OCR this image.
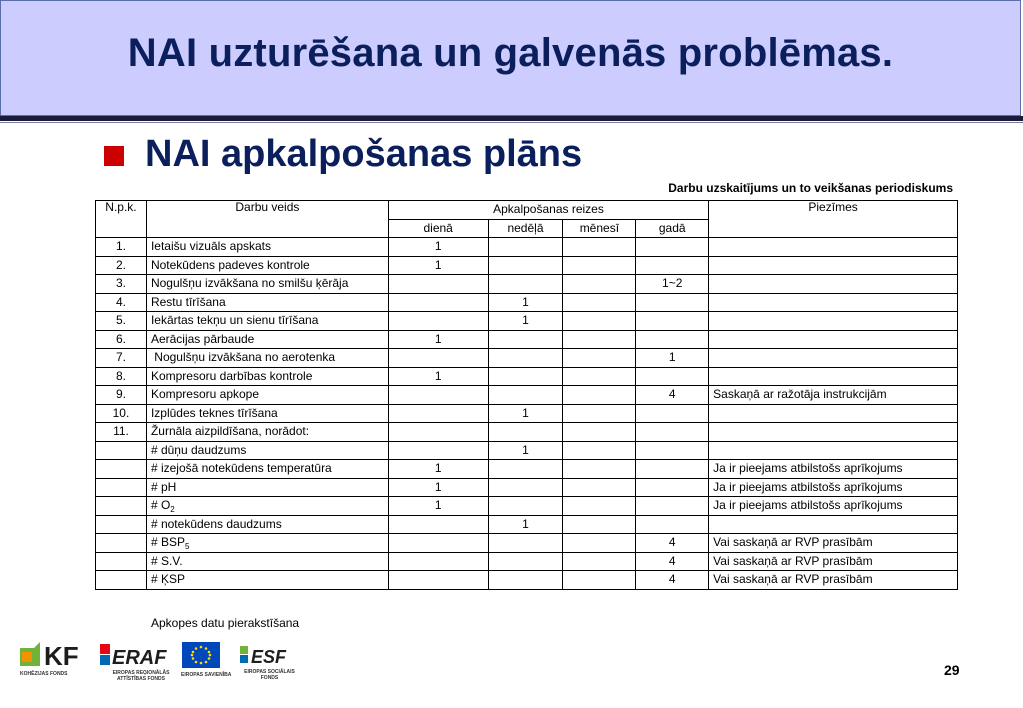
NAI uzturēšana un galvenās problēmas.
NAI apkalpošanas plāns
Darbu uzskaitījums un to veikšanas periodiskums
N.p.k.	Darbu veids	Apkalpošanas reizes				Piezīmes
		dienā	nedēļā	mēnesī	gadā	
1.	Ietaišu vizuāls apskats	1				
2.	Notekūdens padeves kontrole	1				
3.	Nogulšņu izvākšana no smilšu ķērāja				1~2	
4.	Restu tīrīšana		1			
5.	Iekārtas tekņu un sienu tīrīšana		1			
6.	Aerācijas pārbaude	1				
7.	Nogulšņu izvākšana no aerotenka				1	
8.	Kompresoru darbības kontrole	1				
9.	Kompresoru apkope				4	Saskaņā ar ražotāja instrukcijām
10.	Izplūdes teknes tīrīšana		1			
11.	Žurnāla aizpildīšana, norādot:					
	# dūņu daudzums		1			
	# izejošā notekūdens temperatūra	1				Ja ir pieejams atbilstošs aprīkojums
	# pH	1				Ja ir pieejams atbilstošs aprīkojums
	# $O_2$	1				Ja ir pieejams atbilstošs aprīkojums
	# notekūdens daudzums		1			
	# $BSP_5$				4	Vai saskaņā ar RVP prasībām
	# S.V.				4	Vai saskaņā ar RVP prasībām
	# ĶSP				4	Vai saskaņā ar RVP prasībām
Apkopes datu pierakstīšana
KF
KOHĒZIJAS FONDS
ERAF
EIROPAS REĢIONĀLĀS ATTĪSTĪBAS FONDS
EIROPAS SAVIENĪBA
ESF
EIROPAS SOCIĀLAIS FONDS	29
